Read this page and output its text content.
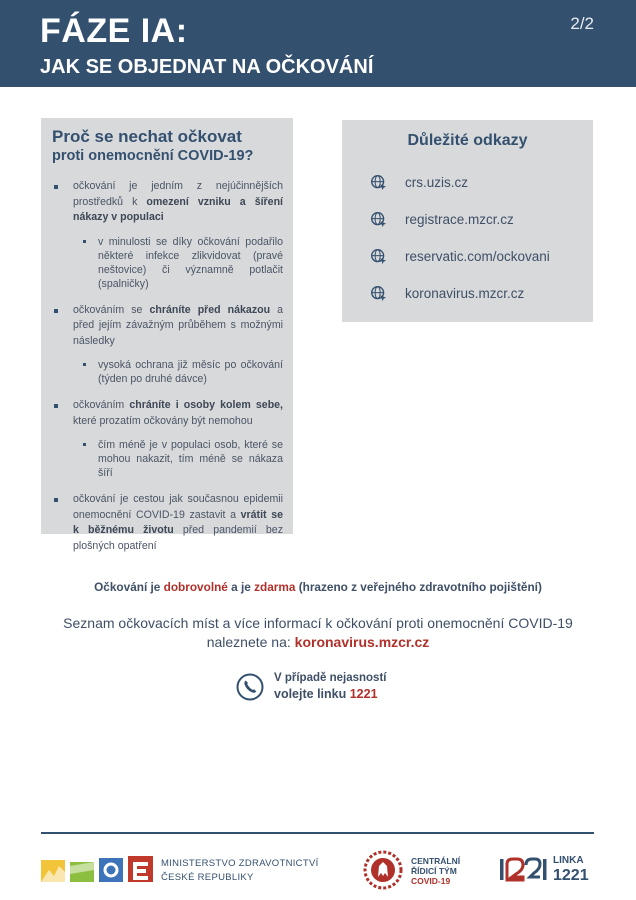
FÁZE IA:
JAK SE OBJEDNAT NA OČKOVÁNÍ
2/2
Proč se nechat očkovat
proti onemocnění COVID-19?
očkování je jedním z nejúčinnějších prostředků k omezení vzniku a šíření nákazy v populaci
v minulosti se díky očkování podařilo některé infekce zlikvidovat (pravé neštovice) či významně potlačit (spalničky)
očkováním se chráníte před nákazou a před jejím závažným průběhem s možnými následky
vysoká ochrana již měsíc po očkování (týden po druhé dávce)
očkováním chráníte i osoby kolem sebe, které prozatím očkovány být nemohou
čím méně je v populaci osob, které se mohou nakazit, tím méně se nákaza šíří
očkování je cestou jak současnou epidemii onemocnění COVID-19 zastavit a vrátit se k běžnému životu před pandemií bez plošných opatření
Důležité odkazy
crs.uzis.cz
registrace.mzcr.cz
reservatic.com/ockovani
koronavirus.mzcr.cz
Očkování je dobrovolné a je zdarma (hrazeno z veřejného zdravotního pojištění)
Seznam očkovacích míst a více informací k očkování proti onemocnění COVID-19 naleznete na: koronavirus.mzcr.cz
V případě nejasností
volejte linku 1221
MINISTERSTVO ZDRAVOTNICTVÍ
ČESKÉ REPUBLIKY
CENTRÁLNÍ
ŘÍDICÍ TÝM
COVID-19
LINKA
1221
